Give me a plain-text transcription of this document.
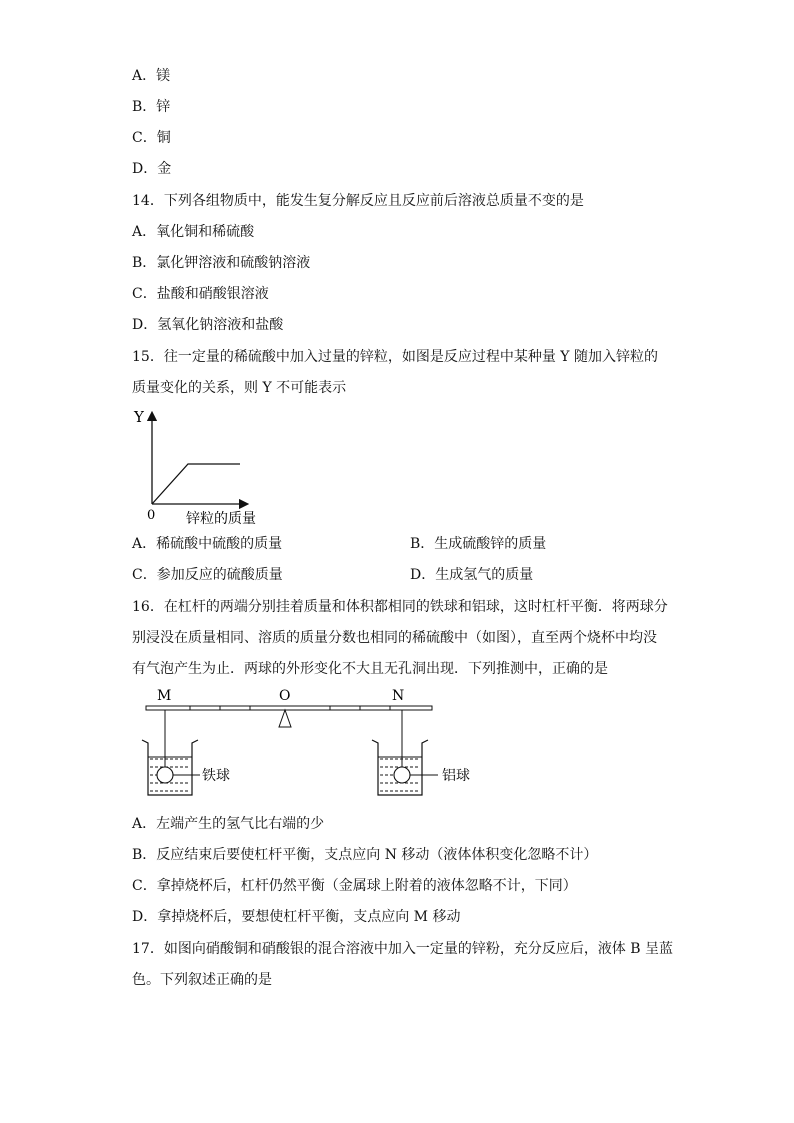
A．镁
B．锌
C．铜
D．金
14．下列各组物质中，能发生复分解反应且反应前后溶液总质量不变的是
A．氧化铜和稀硫酸
B．氯化钾溶液和硫酸钠溶液
C．盐酸和硝酸银溶液
D．氢氧化钠溶液和盐酸
15．往一定量的稀硫酸中加入过量的锌粒，如图是反应过程中某种量 Y 随加入锌粒的
质量变化的关系，则 Y 不可能表示
Y
0 锌粒的质量
A．稀硫酸中硫酸的质量	B．生成硫酸锌的质量
C．参加反应的硫酸质量	D．生成氢气的质量
16．在杠杆的两端分别挂着质量和体积都相同的铁球和铝球，这时杠杆平衡．将两球分
别浸没在质量相同、溶质的质量分数也相同的稀硫酸中（如图），直至两个烧杯中均没
有气泡产生为止．两球的外形变化不大且无孔洞出现．下列推测中，正确的是
M	O	N
铁球	铝球
A．左端产生的氢气比右端的少
B．反应结束后要使杠杆平衡，支点应向 N 移动（液体体积变化忽略不计）
C．拿掉烧杯后，杠杆仍然平衡（金属球上附着的液体忽略不计，下同）
D．拿掉烧杯后，要想使杠杆平衡，支点应向 M 移动
17．如图向硝酸铜和硝酸银的混合溶液中加入一定量的锌粉，充分反应后，液体 B 呈蓝
色。下列叙述正确的是
